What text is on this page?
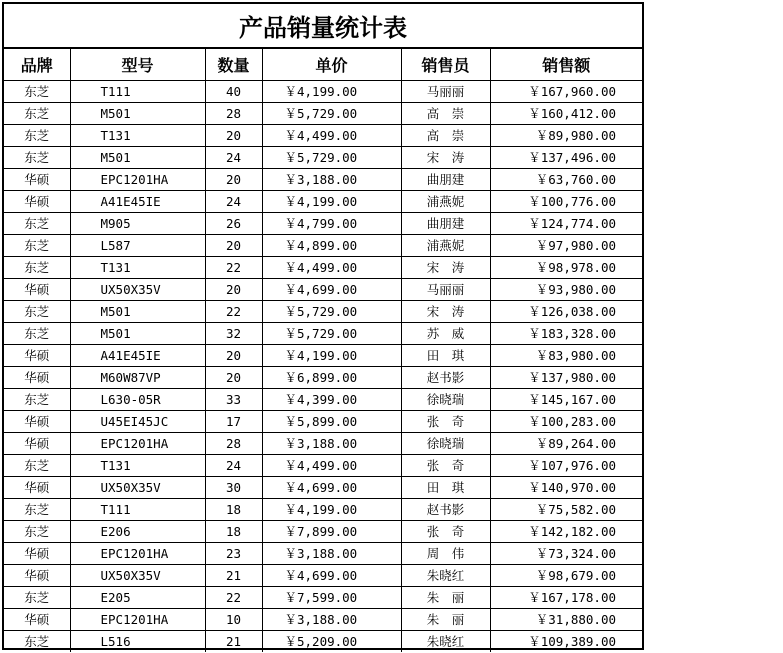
产品销量统计表
品牌	型号	数量	单价	销售员	销售额
东芝	T111	40	￥4,199.00	马丽丽	￥167,960.00
东芝	M501	28	￥5,729.00	高　崇	￥160,412.00
东芝	T131	20	￥4,499.00	高　崇	￥89,980.00
东芝	M501	24	￥5,729.00	宋　涛	￥137,496.00
华硕	EPC1201HA	20	￥3,188.00	曲朋建	￥63,760.00
华硕	A41E45IE	24	￥4,199.00	浦燕妮	￥100,776.00
东芝	M905	26	￥4,799.00	曲朋建	￥124,774.00
东芝	L587	20	￥4,899.00	浦燕妮	￥97,980.00
东芝	T131	22	￥4,499.00	宋　涛	￥98,978.00
华硕	UX50X35V	20	￥4,699.00	马丽丽	￥93,980.00
东芝	M501	22	￥5,729.00	宋　涛	￥126,038.00
东芝	M501	32	￥5,729.00	苏　威	￥183,328.00
华硕	A41E45IE	20	￥4,199.00	田　琪	￥83,980.00
华硕	M60W87VP	20	￥6,899.00	赵书影	￥137,980.00
东芝	L630-05R	33	￥4,399.00	徐晓瑞	￥145,167.00
华硕	U45EI45JC	17	￥5,899.00	张　奇	￥100,283.00
华硕	EPC1201HA	28	￥3,188.00	徐晓瑞	￥89,264.00
东芝	T131	24	￥4,499.00	张　奇	￥107,976.00
华硕	UX50X35V	30	￥4,699.00	田　琪	￥140,970.00
东芝	T111	18	￥4,199.00	赵书影	￥75,582.00
东芝	E206	18	￥7,899.00	张　奇	￥142,182.00
华硕	EPC1201HA	23	￥3,188.00	周　伟	￥73,324.00
华硕	UX50X35V	21	￥4,699.00	朱晓红	￥98,679.00
东芝	E205	22	￥7,599.00	朱　丽	￥167,178.00
华硕	EPC1201HA	10	￥3,188.00	朱　丽	￥31,880.00
东芝	L516	21	￥5,209.00	朱晓红	￥109,389.00
